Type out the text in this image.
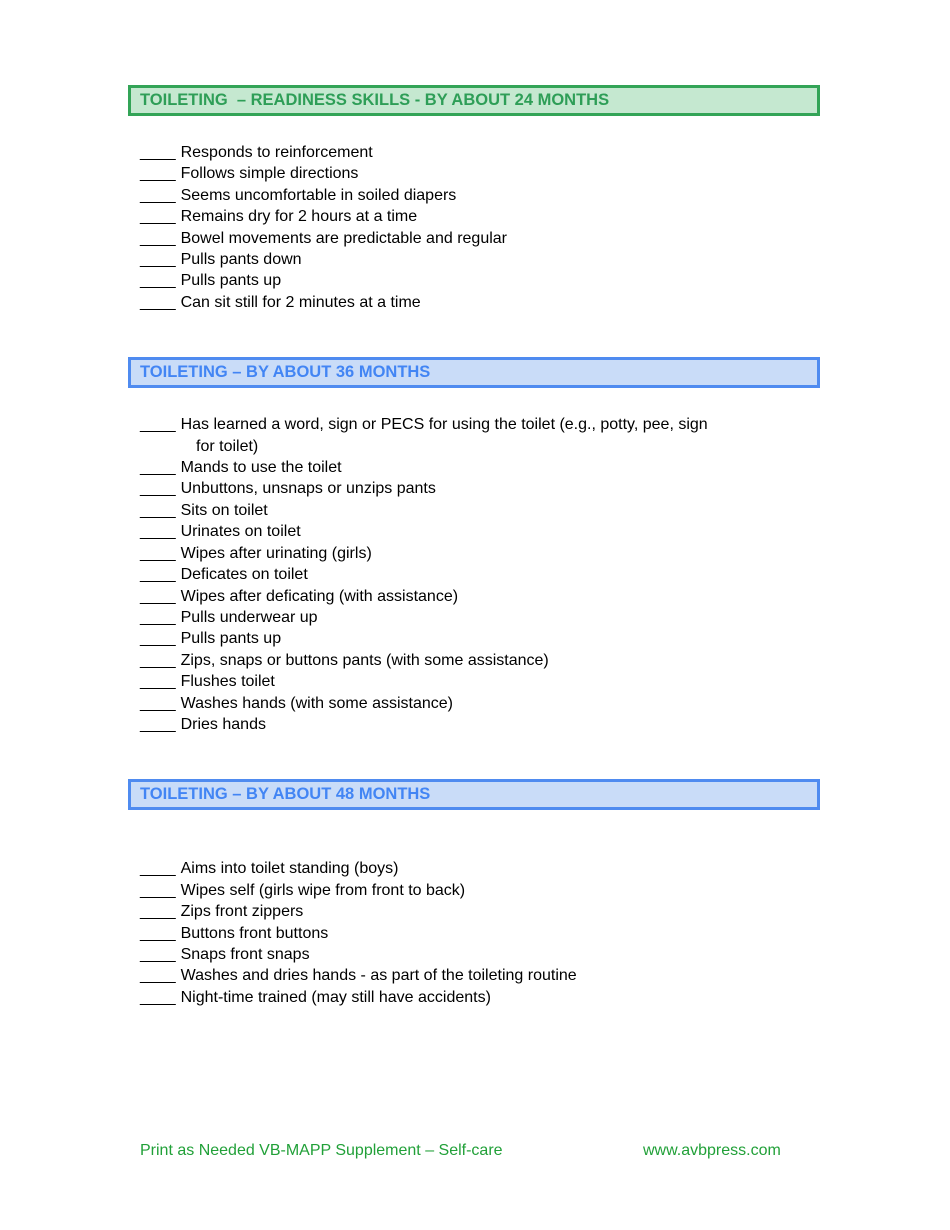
TOILETING  – READINESS SKILLS - BY ABOUT 24 MONTHS
____ Responds to reinforcement
____ Follows simple directions
____ Seems uncomfortable in soiled diapers
____ Remains dry for 2 hours at a time
____ Bowel movements are predictable and regular
____ Pulls pants down
____ Pulls pants up
____ Can sit still for 2 minutes at a time
TOILETING – BY ABOUT 36 MONTHS
____ Has learned a word, sign or PECS for using the toilet (e.g., potty, pee, sign
for toilet)
____ Mands to use the toilet
____ Unbuttons, unsnaps or unzips pants
____ Sits on toilet
____ Urinates on toilet
____ Wipes after urinating (girls)
____ Deficates on toilet
____ Wipes after deficating (with assistance)
____ Pulls underwear up
____ Pulls pants up
____ Zips, snaps or buttons pants (with some assistance)
____ Flushes toilet
____ Washes hands (with some assistance)
____ Dries hands
TOILETING – BY ABOUT 48 MONTHS
____ Aims into toilet standing (boys)
____ Wipes self (girls wipe from front to back)
____ Zips front zippers
____ Buttons front buttons
____ Snaps front snaps
____ Washes and dries hands - as part of the toileting routine
____ Night-time trained (may still have accidents)
Print as Needed VB-MAPP Supplement – Self-care	www.avbpress.com
